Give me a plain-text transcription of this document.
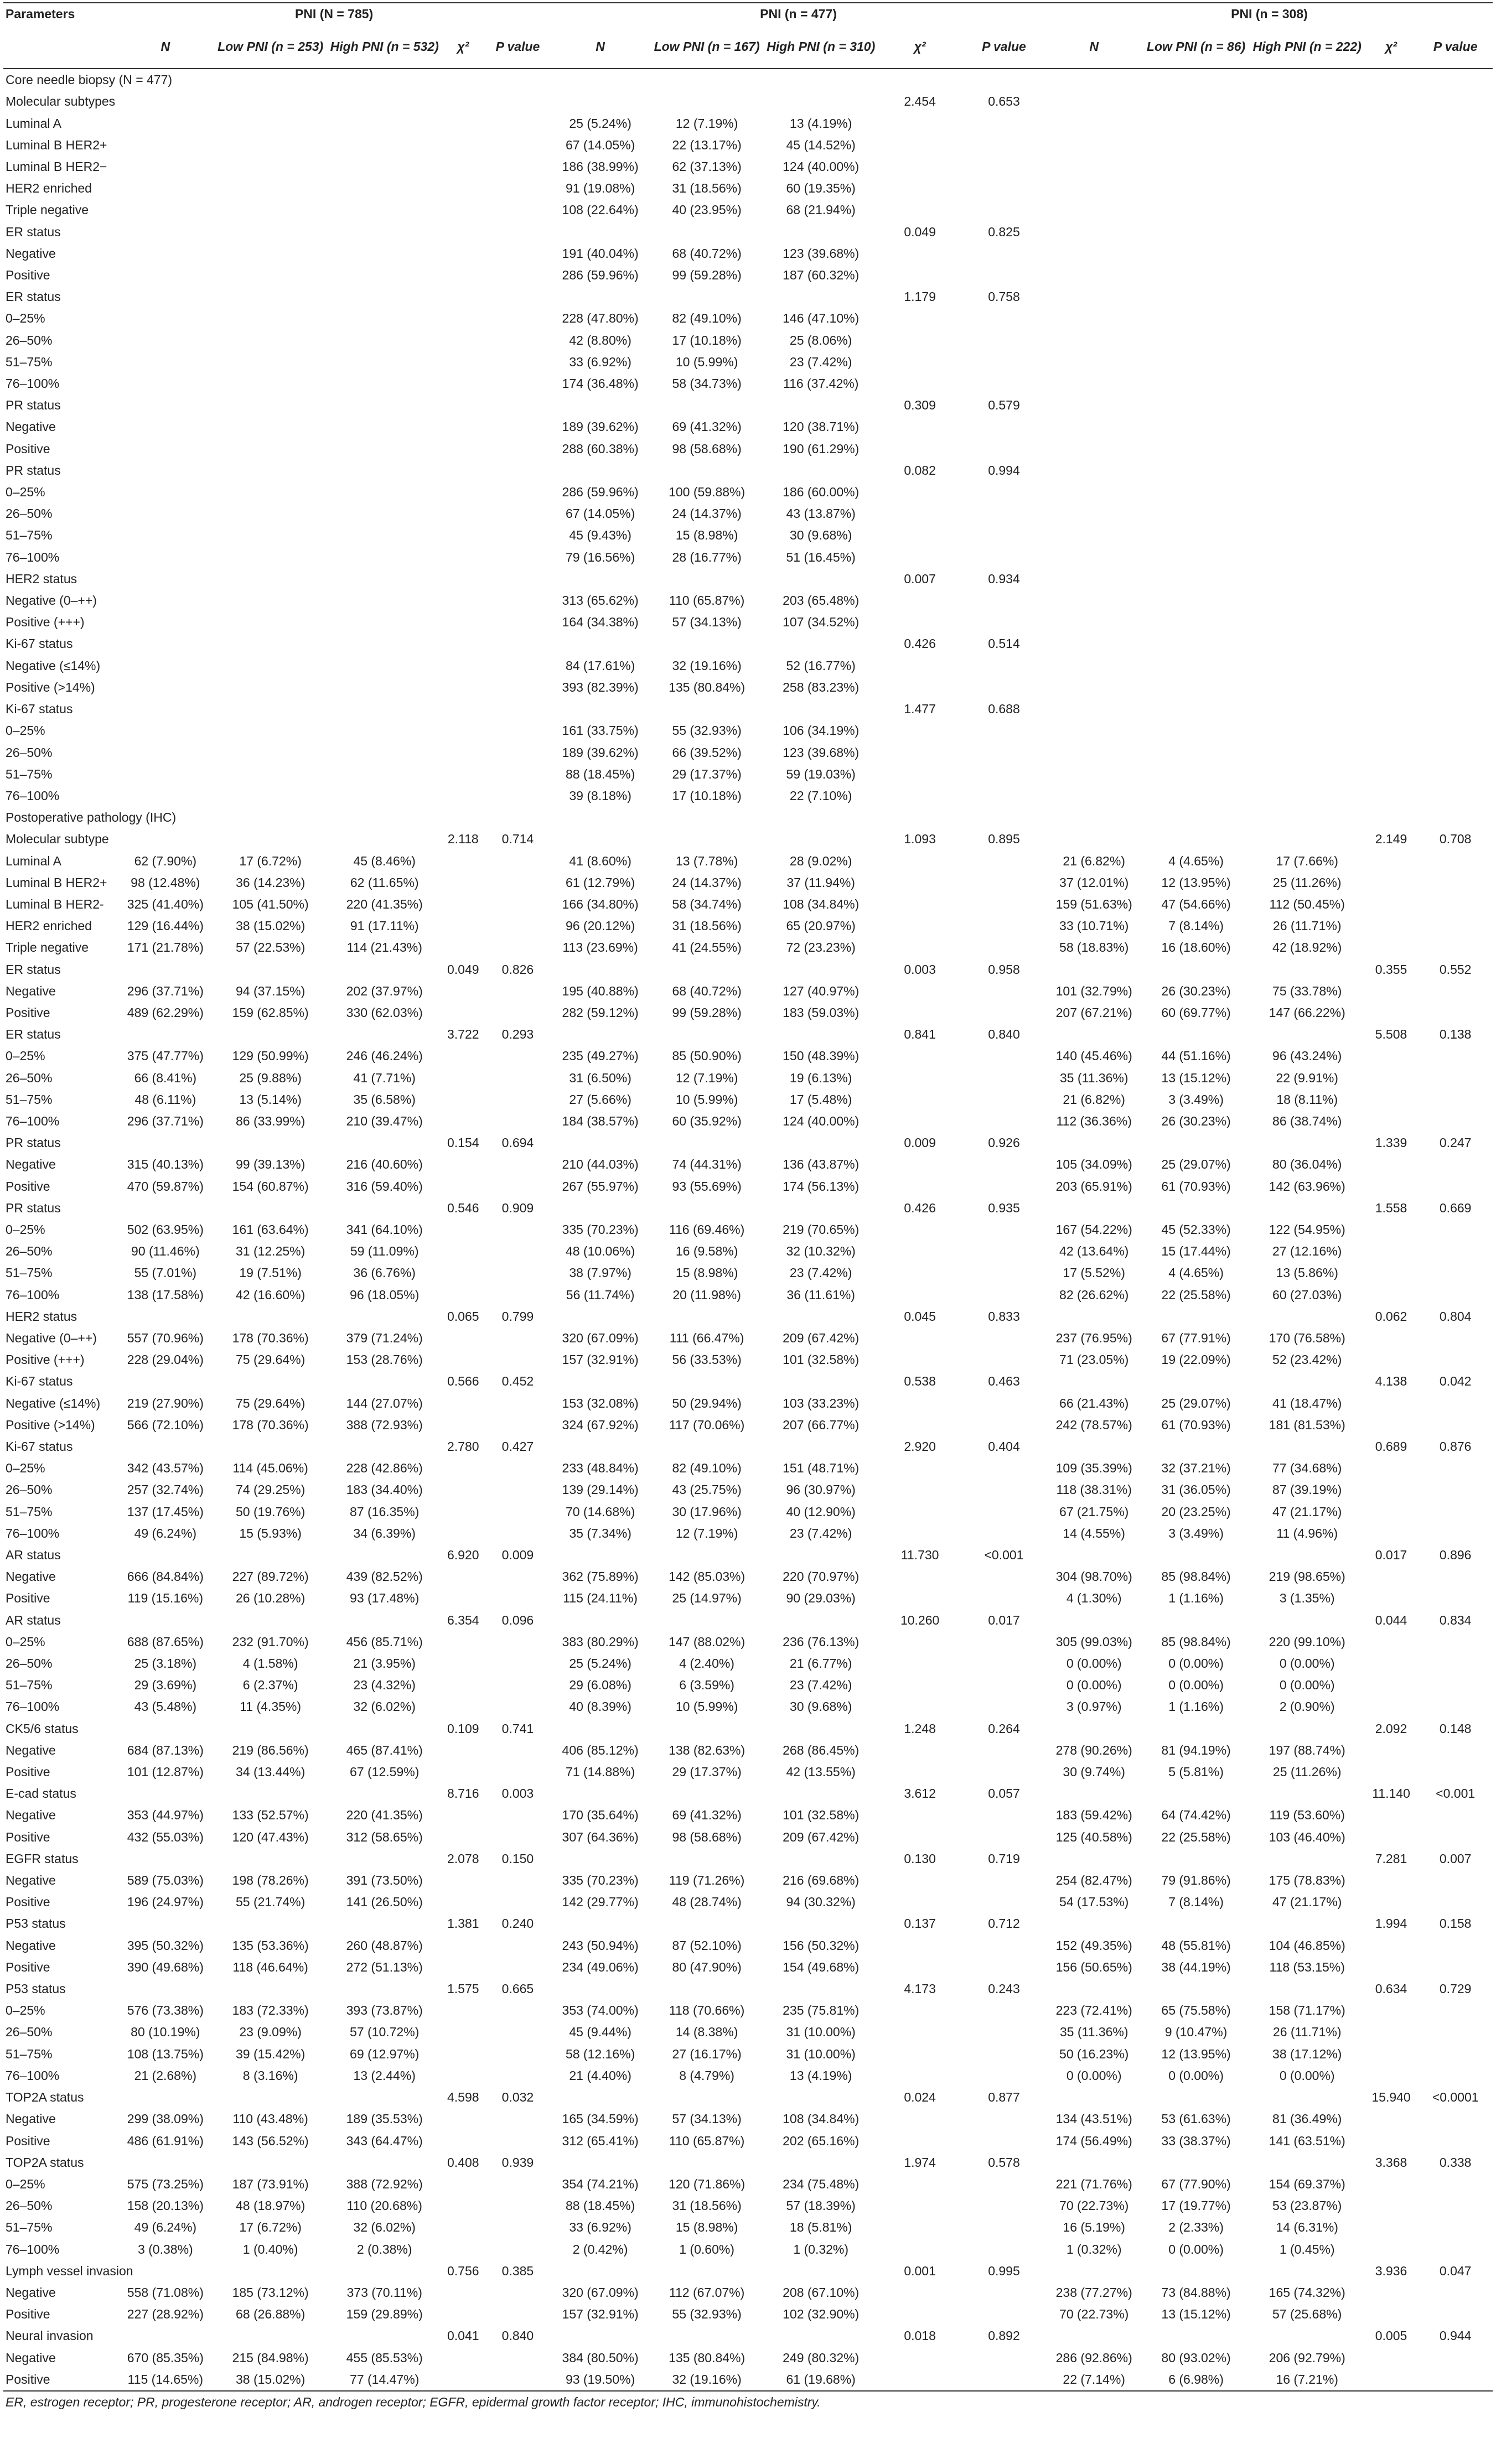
Parameters	PNI (N = 785)					PNI (n = 477)					PNI (n = 308)				
	N	Low PNI (n = 253)	High PNI (n = 532)	χ²	P value	N	Low PNI (n = 167)	High PNI (n = 310)	χ²	P value	N	Low PNI (n = 86)	High PNI (n = 222)	χ²	P value
Core needle biopsy (N = 477)															
Molecular subtypes									2.454	0.653					
Luminal A						25 (5.24%)	12 (7.19%)	13 (4.19%)							
Luminal B HER2+						67 (14.05%)	22 (13.17%)	45 (14.52%)							
Luminal B HER2−						186 (38.99%)	62 (37.13%)	124 (40.00%)							
HER2 enriched						91 (19.08%)	31 (18.56%)	60 (19.35%)							
Triple negative						108 (22.64%)	40 (23.95%)	68 (21.94%)							
ER status									0.049	0.825					
Negative						191 (40.04%)	68 (40.72%)	123 (39.68%)							
Positive						286 (59.96%)	99 (59.28%)	187 (60.32%)							
ER status									1.179	0.758					
0–25%						228 (47.80%)	82 (49.10%)	146 (47.10%)							
26–50%						42 (8.80%)	17 (10.18%)	25 (8.06%)							
51–75%						33 (6.92%)	10 (5.99%)	23 (7.42%)							
76–100%						174 (36.48%)	58 (34.73%)	116 (37.42%)							
PR status									0.309	0.579					
Negative						189 (39.62%)	69 (41.32%)	120 (38.71%)							
Positive						288 (60.38%)	98 (58.68%)	190 (61.29%)							
PR status									0.082	0.994					
0–25%						286 (59.96%)	100 (59.88%)	186 (60.00%)							
26–50%						67 (14.05%)	24 (14.37%)	43 (13.87%)							
51–75%						45 (9.43%)	15 (8.98%)	30 (9.68%)							
76–100%						79 (16.56%)	28 (16.77%)	51 (16.45%)							
HER2 status									0.007	0.934					
Negative (0–++)						313 (65.62%)	110 (65.87%)	203 (65.48%)							
Positive (+++)						164 (34.38%)	57 (34.13%)	107 (34.52%)							
Ki-67 status									0.426	0.514					
Negative (≤14%)						84 (17.61%)	32 (19.16%)	52 (16.77%)							
Positive (>14%)						393 (82.39%)	135 (80.84%)	258 (83.23%)							
Ki-67 status									1.477	0.688					
0–25%						161 (33.75%)	55 (32.93%)	106 (34.19%)							
26–50%						189 (39.62%)	66 (39.52%)	123 (39.68%)							
51–75%						88 (18.45%)	29 (17.37%)	59 (19.03%)							
76–100%						39 (8.18%)	17 (10.18%)	22 (7.10%)							
Postoperative pathology (IHC)															
Molecular subtype				2.118	0.714				1.093	0.895				2.149	0.708
Luminal A	62 (7.90%)	17 (6.72%)	45 (8.46%)			41 (8.60%)	13 (7.78%)	28 (9.02%)			21 (6.82%)	4 (4.65%)	17 (7.66%)		
Luminal B HER2+	98 (12.48%)	36 (14.23%)	62 (11.65%)			61 (12.79%)	24 (14.37%)	37 (11.94%)			37 (12.01%)	12 (13.95%)	25 (11.26%)		
Luminal B HER2-	325 (41.40%)	105 (41.50%)	220 (41.35%)			166 (34.80%)	58 (34.74%)	108 (34.84%)			159 (51.63%)	47 (54.66%)	112 (50.45%)		
HER2 enriched	129 (16.44%)	38 (15.02%)	91 (17.11%)			96 (20.12%)	31 (18.56%)	65 (20.97%)			33 (10.71%)	7 (8.14%)	26 (11.71%)		
Triple negative	171 (21.78%)	57 (22.53%)	114 (21.43%)			113 (23.69%)	41 (24.55%)	72 (23.23%)			58 (18.83%)	16 (18.60%)	42 (18.92%)		
ER status				0.049	0.826				0.003	0.958				0.355	0.552
Negative	296 (37.71%)	94 (37.15%)	202 (37.97%)			195 (40.88%)	68 (40.72%)	127 (40.97%)			101 (32.79%)	26 (30.23%)	75 (33.78%)		
Positive	489 (62.29%)	159 (62.85%)	330 (62.03%)			282 (59.12%)	99 (59.28%)	183 (59.03%)			207 (67.21%)	60 (69.77%)	147 (66.22%)		
ER status				3.722	0.293				0.841	0.840				5.508	0.138
0–25%	375 (47.77%)	129 (50.99%)	246 (46.24%)			235 (49.27%)	85 (50.90%)	150 (48.39%)			140 (45.46%)	44 (51.16%)	96 (43.24%)		
26–50%	66 (8.41%)	25 (9.88%)	41 (7.71%)			31 (6.50%)	12 (7.19%)	19 (6.13%)			35 (11.36%)	13 (15.12%)	22 (9.91%)		
51–75%	48 (6.11%)	13 (5.14%)	35 (6.58%)			27 (5.66%)	10 (5.99%)	17 (5.48%)			21 (6.82%)	3 (3.49%)	18 (8.11%)		
76–100%	296 (37.71%)	86 (33.99%)	210 (39.47%)			184 (38.57%)	60 (35.92%)	124 (40.00%)			112 (36.36%)	26 (30.23%)	86 (38.74%)		
PR status				0.154	0.694				0.009	0.926				1.339	0.247
Negative	315 (40.13%)	99 (39.13%)	216 (40.60%)			210 (44.03%)	74 (44.31%)	136 (43.87%)			105 (34.09%)	25 (29.07%)	80 (36.04%)		
Positive	470 (59.87%)	154 (60.87%)	316 (59.40%)			267 (55.97%)	93 (55.69%)	174 (56.13%)			203 (65.91%)	61 (70.93%)	142 (63.96%)		
PR status				0.546	0.909				0.426	0.935				1.558	0.669
0–25%	502 (63.95%)	161 (63.64%)	341 (64.10%)			335 (70.23%)	116 (69.46%)	219 (70.65%)			167 (54.22%)	45 (52.33%)	122 (54.95%)		
26–50%	90 (11.46%)	31 (12.25%)	59 (11.09%)			48 (10.06%)	16 (9.58%)	32 (10.32%)			42 (13.64%)	15 (17.44%)	27 (12.16%)		
51–75%	55 (7.01%)	19 (7.51%)	36 (6.76%)			38 (7.97%)	15 (8.98%)	23 (7.42%)			17 (5.52%)	4 (4.65%)	13 (5.86%)		
76–100%	138 (17.58%)	42 (16.60%)	96 (18.05%)			56 (11.74%)	20 (11.98%)	36 (11.61%)			82 (26.62%)	22 (25.58%)	60 (27.03%)		
HER2 status				0.065	0.799				0.045	0.833				0.062	0.804
Negative (0–++)	557 (70.96%)	178 (70.36%)	379 (71.24%)			320 (67.09%)	111 (66.47%)	209 (67.42%)			237 (76.95%)	67 (77.91%)	170 (76.58%)		
Positive (+++)	228 (29.04%)	75 (29.64%)	153 (28.76%)			157 (32.91%)	56 (33.53%)	101 (32.58%)			71 (23.05%)	19 (22.09%)	52 (23.42%)		
Ki-67 status				0.566	0.452				0.538	0.463				4.138	0.042
Negative (≤14%)	219 (27.90%)	75 (29.64%)	144 (27.07%)			153 (32.08%)	50 (29.94%)	103 (33.23%)			66 (21.43%)	25 (29.07%)	41 (18.47%)		
Positive (>14%)	566 (72.10%)	178 (70.36%)	388 (72.93%)			324 (67.92%)	117 (70.06%)	207 (66.77%)			242 (78.57%)	61 (70.93%)	181 (81.53%)		
Ki-67 status				2.780	0.427				2.920	0.404				0.689	0.876
0–25%	342 (43.57%)	114 (45.06%)	228 (42.86%)			233 (48.84%)	82 (49.10%)	151 (48.71%)			109 (35.39%)	32 (37.21%)	77 (34.68%)		
26–50%	257 (32.74%)	74 (29.25%)	183 (34.40%)			139 (29.14%)	43 (25.75%)	96 (30.97%)			118 (38.31%)	31 (36.05%)	87 (39.19%)		
51–75%	137 (17.45%)	50 (19.76%)	87 (16.35%)			70 (14.68%)	30 (17.96%)	40 (12.90%)			67 (21.75%)	20 (23.25%)	47 (21.17%)		
76–100%	49 (6.24%)	15 (5.93%)	34 (6.39%)			35 (7.34%)	12 (7.19%)	23 (7.42%)			14 (4.55%)	3 (3.49%)	11 (4.96%)		
AR status				6.920	0.009				11.730	<0.001				0.017	0.896
Negative	666 (84.84%)	227 (89.72%)	439 (82.52%)			362 (75.89%)	142 (85.03%)	220 (70.97%)			304 (98.70%)	85 (98.84%)	219 (98.65%)		
Positive	119 (15.16%)	26 (10.28%)	93 (17.48%)			115 (24.11%)	25 (14.97%)	90 (29.03%)			4 (1.30%)	1 (1.16%)	3 (1.35%)		
AR status				6.354	0.096				10.260	0.017				0.044	0.834
0–25%	688 (87.65%)	232 (91.70%)	456 (85.71%)			383 (80.29%)	147 (88.02%)	236 (76.13%)			305 (99.03%)	85 (98.84%)	220 (99.10%)		
26–50%	25 (3.18%)	4 (1.58%)	21 (3.95%)			25 (5.24%)	4 (2.40%)	21 (6.77%)			0 (0.00%)	0 (0.00%)	0 (0.00%)		
51–75%	29 (3.69%)	6 (2.37%)	23 (4.32%)			29 (6.08%)	6 (3.59%)	23 (7.42%)			0 (0.00%)	0 (0.00%)	0 (0.00%)		
76–100%	43 (5.48%)	11 (4.35%)	32 (6.02%)			40 (8.39%)	10 (5.99%)	30 (9.68%)			3 (0.97%)	1 (1.16%)	2 (0.90%)		
CK5/6 status				0.109	0.741				1.248	0.264				2.092	0.148
Negative	684 (87.13%)	219 (86.56%)	465 (87.41%)			406 (85.12%)	138 (82.63%)	268 (86.45%)			278 (90.26%)	81 (94.19%)	197 (88.74%)		
Positive	101 (12.87%)	34 (13.44%)	67 (12.59%)			71 (14.88%)	29 (17.37%)	42 (13.55%)			30 (9.74%)	5 (5.81%)	25 (11.26%)		
E-cad status				8.716	0.003				3.612	0.057				11.140	<0.001
Negative	353 (44.97%)	133 (52.57%)	220 (41.35%)			170 (35.64%)	69 (41.32%)	101 (32.58%)			183 (59.42%)	64 (74.42%)	119 (53.60%)		
Positive	432 (55.03%)	120 (47.43%)	312 (58.65%)			307 (64.36%)	98 (58.68%)	209 (67.42%)			125 (40.58%)	22 (25.58%)	103 (46.40%)		
EGFR status				2.078	0.150				0.130	0.719				7.281	0.007
Negative	589 (75.03%)	198 (78.26%)	391 (73.50%)			335 (70.23%)	119 (71.26%)	216 (69.68%)			254 (82.47%)	79 (91.86%)	175 (78.83%)		
Positive	196 (24.97%)	55 (21.74%)	141 (26.50%)			142 (29.77%)	48 (28.74%)	94 (30.32%)			54 (17.53%)	7 (8.14%)	47 (21.17%)		
P53 status				1.381	0.240				0.137	0.712				1.994	0.158
Negative	395 (50.32%)	135 (53.36%)	260 (48.87%)			243 (50.94%)	87 (52.10%)	156 (50.32%)			152 (49.35%)	48 (55.81%)	104 (46.85%)		
Positive	390 (49.68%)	118 (46.64%)	272 (51.13%)			234 (49.06%)	80 (47.90%)	154 (49.68%)			156 (50.65%)	38 (44.19%)	118 (53.15%)		
P53 status				1.575	0.665				4.173	0.243				0.634	0.729
0–25%	576 (73.38%)	183 (72.33%)	393 (73.87%)			353 (74.00%)	118 (70.66%)	235 (75.81%)			223 (72.41%)	65 (75.58%)	158 (71.17%)		
26–50%	80 (10.19%)	23 (9.09%)	57 (10.72%)			45 (9.44%)	14 (8.38%)	31 (10.00%)			35 (11.36%)	9 (10.47%)	26 (11.71%)		
51–75%	108 (13.75%)	39 (15.42%)	69 (12.97%)			58 (12.16%)	27 (16.17%)	31 (10.00%)			50 (16.23%)	12 (13.95%)	38 (17.12%)		
76–100%	21 (2.68%)	8 (3.16%)	13 (2.44%)			21 (4.40%)	8 (4.79%)	13 (4.19%)			0 (0.00%)	0 (0.00%)	0 (0.00%)		
TOP2A status				4.598	0.032				0.024	0.877				15.940	<0.0001
Negative	299 (38.09%)	110 (43.48%)	189 (35.53%)			165 (34.59%)	57 (34.13%)	108 (34.84%)			134 (43.51%)	53 (61.63%)	81 (36.49%)		
Positive	486 (61.91%)	143 (56.52%)	343 (64.47%)			312 (65.41%)	110 (65.87%)	202 (65.16%)			174 (56.49%)	33 (38.37%)	141 (63.51%)		
TOP2A status				0.408	0.939				1.974	0.578				3.368	0.338
0–25%	575 (73.25%)	187 (73.91%)	388 (72.92%)			354 (74.21%)	120 (71.86%)	234 (75.48%)			221 (71.76%)	67 (77.90%)	154 (69.37%)		
26–50%	158 (20.13%)	48 (18.97%)	110 (20.68%)			88 (18.45%)	31 (18.56%)	57 (18.39%)			70 (22.73%)	17 (19.77%)	53 (23.87%)		
51–75%	49 (6.24%)	17 (6.72%)	32 (6.02%)			33 (6.92%)	15 (8.98%)	18 (5.81%)			16 (5.19%)	2 (2.33%)	14 (6.31%)		
76–100%	3 (0.38%)	1 (0.40%)	2 (0.38%)			2 (0.42%)	1 (0.60%)	1 (0.32%)			1 (0.32%)	0 (0.00%)	1 (0.45%)		
Lymph vessel invasion				0.756	0.385				0.001	0.995				3.936	0.047
Negative	558 (71.08%)	185 (73.12%)	373 (70.11%)			320 (67.09%)	112 (67.07%)	208 (67.10%)			238 (77.27%)	73 (84.88%)	165 (74.32%)		
Positive	227 (28.92%)	68 (26.88%)	159 (29.89%)			157 (32.91%)	55 (32.93%)	102 (32.90%)			70 (22.73%)	13 (15.12%)	57 (25.68%)		
Neural invasion				0.041	0.840				0.018	0.892				0.005	0.944
Negative	670 (85.35%)	215 (84.98%)	455 (85.53%)			384 (80.50%)	135 (80.84%)	249 (80.32%)			286 (92.86%)	80 (93.02%)	206 (92.79%)		
Positive	115 (14.65%)	38 (15.02%)	77 (14.47%)			93 (19.50%)	32 (19.16%)	61 (19.68%)			22 (7.14%)	6 (6.98%)	16 (7.21%)		
ER, estrogen receptor; PR, progesterone receptor; AR, androgen receptor; EGFR, epidermal growth factor receptor; IHC, immunohistochemistry.
